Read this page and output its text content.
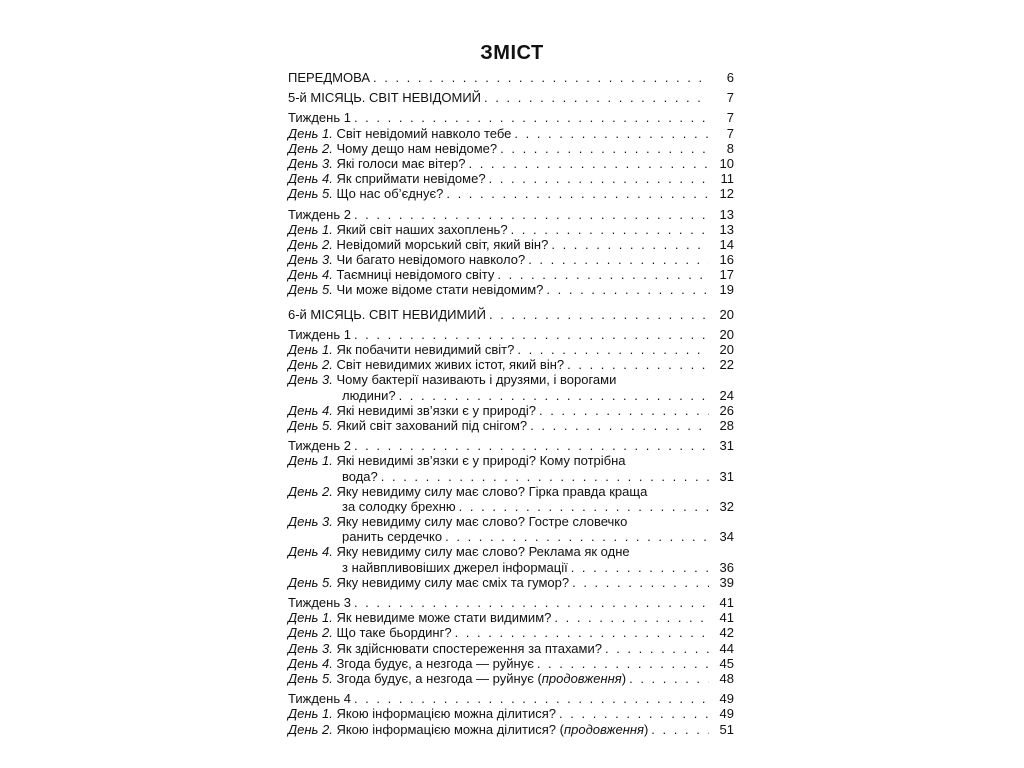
ЗМІСТ
ПЕРЕДМОВА . . .	6
5-й МІСЯЦЬ. СВІТ НЕВІДОМИЙ . . .	7
Тиждень 1 . . .	7
День 1. Світ невідомий навколо тебе . . .	7
День 2. Чому дещо нам невідоме? . . .	8
День 3. Які голоси має вітер? . . .	10
День 4. Як сприймати невідоме? . . .	11
День 5. Що нас об’єднує? . . .	12
Тиждень 2 . . .	13
День 1. Який світ наших захоплень? . . .	13
День 2. Невідомий морський світ, який він? . . .	14
День 3. Чи багато невідомого навколо? . . .	16
День 4. Таємниці невідомого світу . . .	17
День 5. Чи може відоме стати невідомим? . . .	19
6-й МІСЯЦЬ. СВІТ НЕВИДИМИЙ . . .	20
Тиждень 1 . . .	20
День 1. Як побачити невидимий світ? . . .	20
День 2. Світ невидимих живих істот, який він? . . .	22
День 3. Чому бактерії називають і друзями, і ворогами
людини? . . .	24
День 4. Які невидимі зв’язки є у природі? . . .	26
День 5. Який світ захований під снігом? . . .	28
Тиждень 2 . . .	31
День 1. Які невидимі зв’язки є у природі? Кому потрібна
вода? . . .	31
День 2. Яку невидиму силу має слово? Гірка правда краща
за солодку брехню . . .	32
День 3. Яку невидиму силу має слово? Гостре словечко
ранить сердечко . . .	34
День 4. Яку невидиму силу має слово? Реклама як одне
з найвпливовіших джерел інформації . . .	36
День 5. Яку невидиму силу має сміх та гумор? . . .	39
Тиждень 3 . . .	41
День 1. Як невидиме може стати видимим? . . .	41
День 2. Що таке бьординг? . . .	42
День 3. Як здійснювати спостереження за птахами? . . .	44
День 4. Згода будує, а незгода — руйнує . . .	45
День 5. Згода будує, а незгода — руйнує (продовження) . . .	48
Тиждень 4 . . .	49
День 1. Якою інформацією можна ділитися? . . .	49
День 2. Якою інформацією можна ділитися? (продовження) . . .	51
